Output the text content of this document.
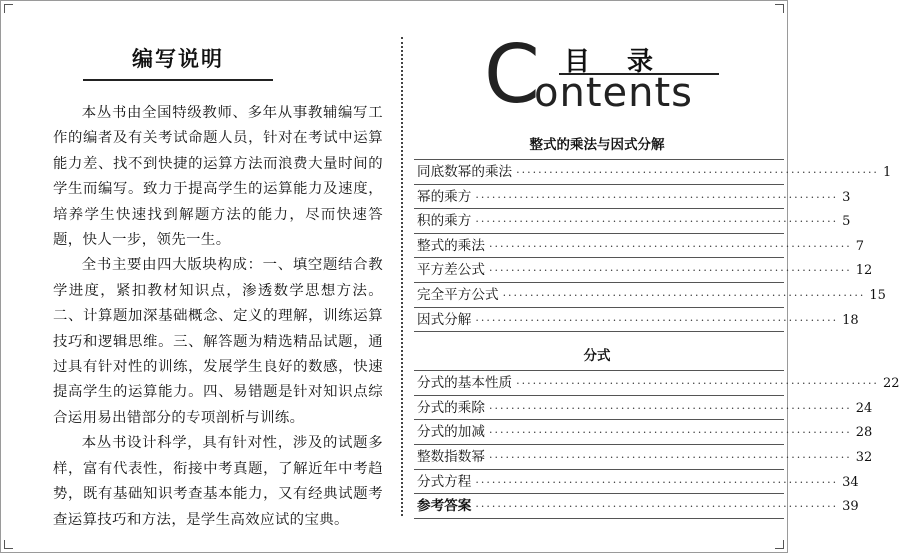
编写说明

本丛书由全国特级教师、多年从事教辅编写工作的编者及有关考试命题人员，针对在考试中运算能力差、找不到快捷的运算方法而浪费大量时间的学生而编写。致力于提高学生的运算能力及速度，培养学生快速找到解题方法的能力，尽而快速答题，快人一步，领先一生。

全书主要由四大版块构成：一、填空题结合教学进度，紧扣教材知识点，渗透数学思想方法。二、计算题加深基础概念、定义的理解，训练运算技巧和逻辑思维。三、解答题为精选精品试题，通过具有针对性的训练，发展学生良好的数感，快速提高学生的运算能力。四、易错题是针对知识点综合运用易出错部分的专项剖析与训练。

本丛书设计科学，具有针对性，涉及的试题多样，富有代表性，衔接中考真题，了解近年中考趋势，既有基础知识考查基本能力，又有经典试题考查运算技巧和方法，是学生高效应试的宝典。

C 目 录
ontents
整式的乘法与因式分解
同底数幂的乘法 ·································································· 1
幂的乘方 ·································································· 3
积的乘方 ·································································· 5
整式的乘法 ·································································· 7
平方差公式 ·································································· 12
完全平方公式 ·································································· 15
因式分解 ·································································· 18
分式
分式的基本性质 ·································································· 22
分式的乘除 ·································································· 24
分式的加减 ·································································· 28
整数指数幂 ·································································· 32
分式方程 ·································································· 34
参考答案 ·································································· 39
